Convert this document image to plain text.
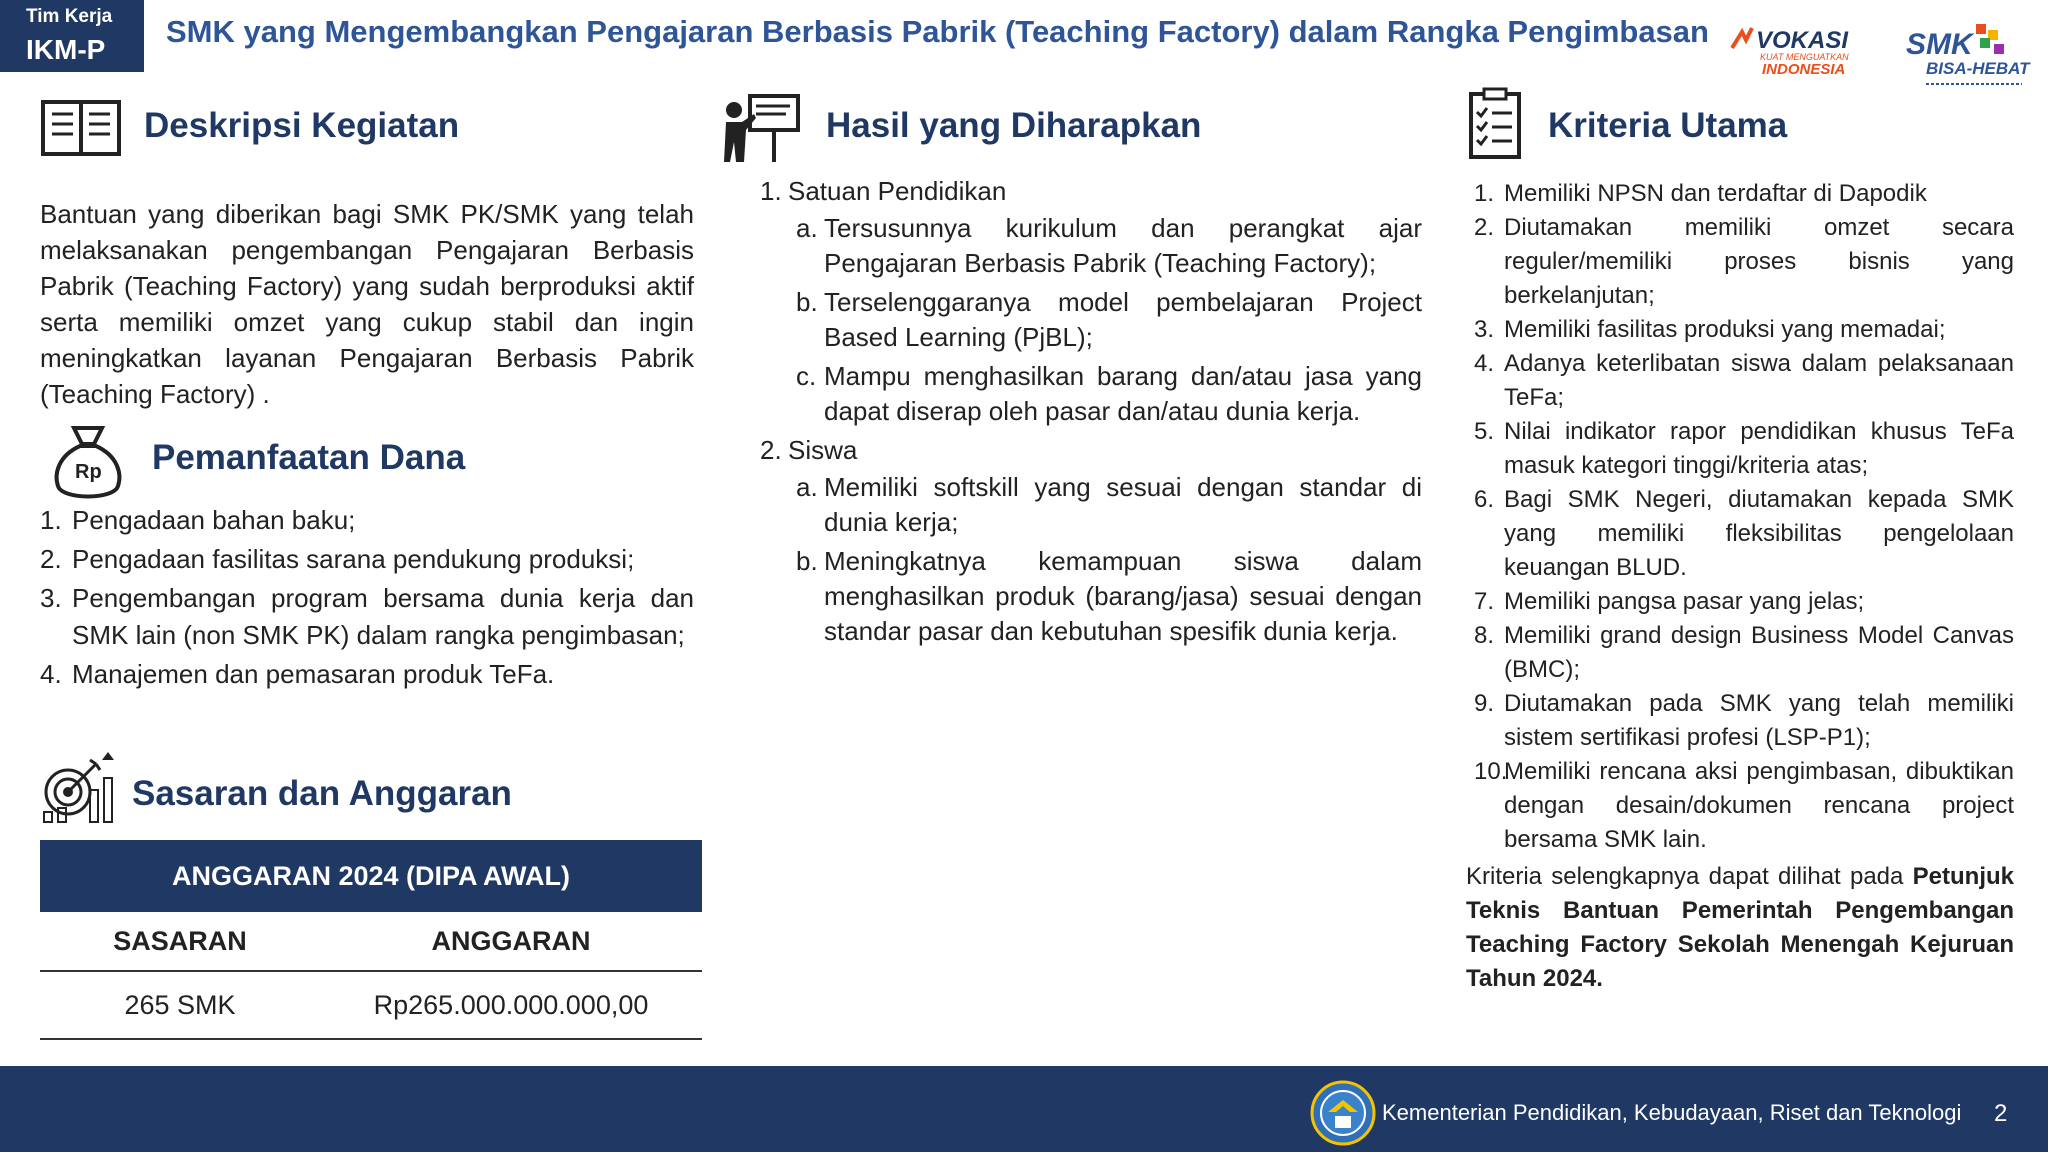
Tim Kerja
IKM-P
SMK yang Mengembangkan Pengajaran Berbasis Pabrik (Teaching Factory) dalam Rangka Pengimbasan VOKASI
KUAT MENGUATKAN
INDONESIA
SMK
BISA-HEBAT
Deskripsi Kegiatan
Bantuan yang diberikan bagi SMK PK/SMK yang telah melaksanakan pengembangan Pengajaran Berbasis Pabrik (Teaching Factory) yang sudah berproduksi aktif serta memiliki omzet yang cukup stabil dan ingin meningkatkan layanan Pengajaran Berbasis Pabrik (Teaching Factory) .
Rp Pemanfaatan Dana
1. Pengadaan bahan baku;
2. Pengadaan fasilitas sarana pendukung produksi;
3. Pengembangan program bersama dunia kerja dan SMK lain (non SMK PK) dalam rangka pengimbasan;
4. Manajemen dan pemasaran produk TeFa.
Sasaran dan Anggaran
ANGGARAN 2024 (DIPA AWAL)
SASARAN	ANGGARAN
265 SMK	Rp265.000.000.000,00
Hasil yang Diharapkan
1. Satuan Pendidikan
a. Tersusunnya kurikulum dan perangkat ajar Pengajaran Berbasis Pabrik (Teaching Factory);
b. Terselenggaranya model pembelajaran Project Based Learning (PjBL);
c. Mampu menghasilkan barang dan/atau jasa yang dapat diserap oleh pasar dan/atau dunia kerja.
2. Siswa
a. Memiliki softskill yang sesuai dengan standar di dunia kerja;
b. Meningkatnya kemampuan siswa dalam menghasilkan produk (barang/jasa) sesuai dengan standar pasar dan kebutuhan spesifik dunia kerja.
Kriteria Utama
1. Memiliki NPSN dan terdaftar di Dapodik
2. Diutamakan memiliki omzet secara reguler/memiliki proses bisnis yang berkelanjutan;
3. Memiliki fasilitas produksi yang memadai;
4. Adanya keterlibatan siswa dalam pelaksanaan TeFa;
5. Nilai indikator rapor pendidikan khusus TeFa masuk kategori tinggi/kriteria atas;
6. Bagi SMK Negeri, diutamakan kepada SMK yang memiliki fleksibilitas pengelolaan keuangan BLUD.
7. Memiliki pangsa pasar yang jelas;
8. Memiliki grand design Business Model Canvas (BMC);
9. Diutamakan pada SMK yang telah memiliki sistem sertifikasi profesi (LSP-P1);
10.
Memiliki rencana aksi pengimbasan, dibuktikan dengan desain/dokumen rencana project bersama SMK lain.
Kriteria selengkapnya dapat dilihat pada Petunjuk Teknis Bantuan Pemerintah Pengembangan Teaching Factory Sekolah Menengah Kejuruan Tahun 2024.
Kementerian Pendidikan, Kebudayaan, Riset dan Teknologi 2
